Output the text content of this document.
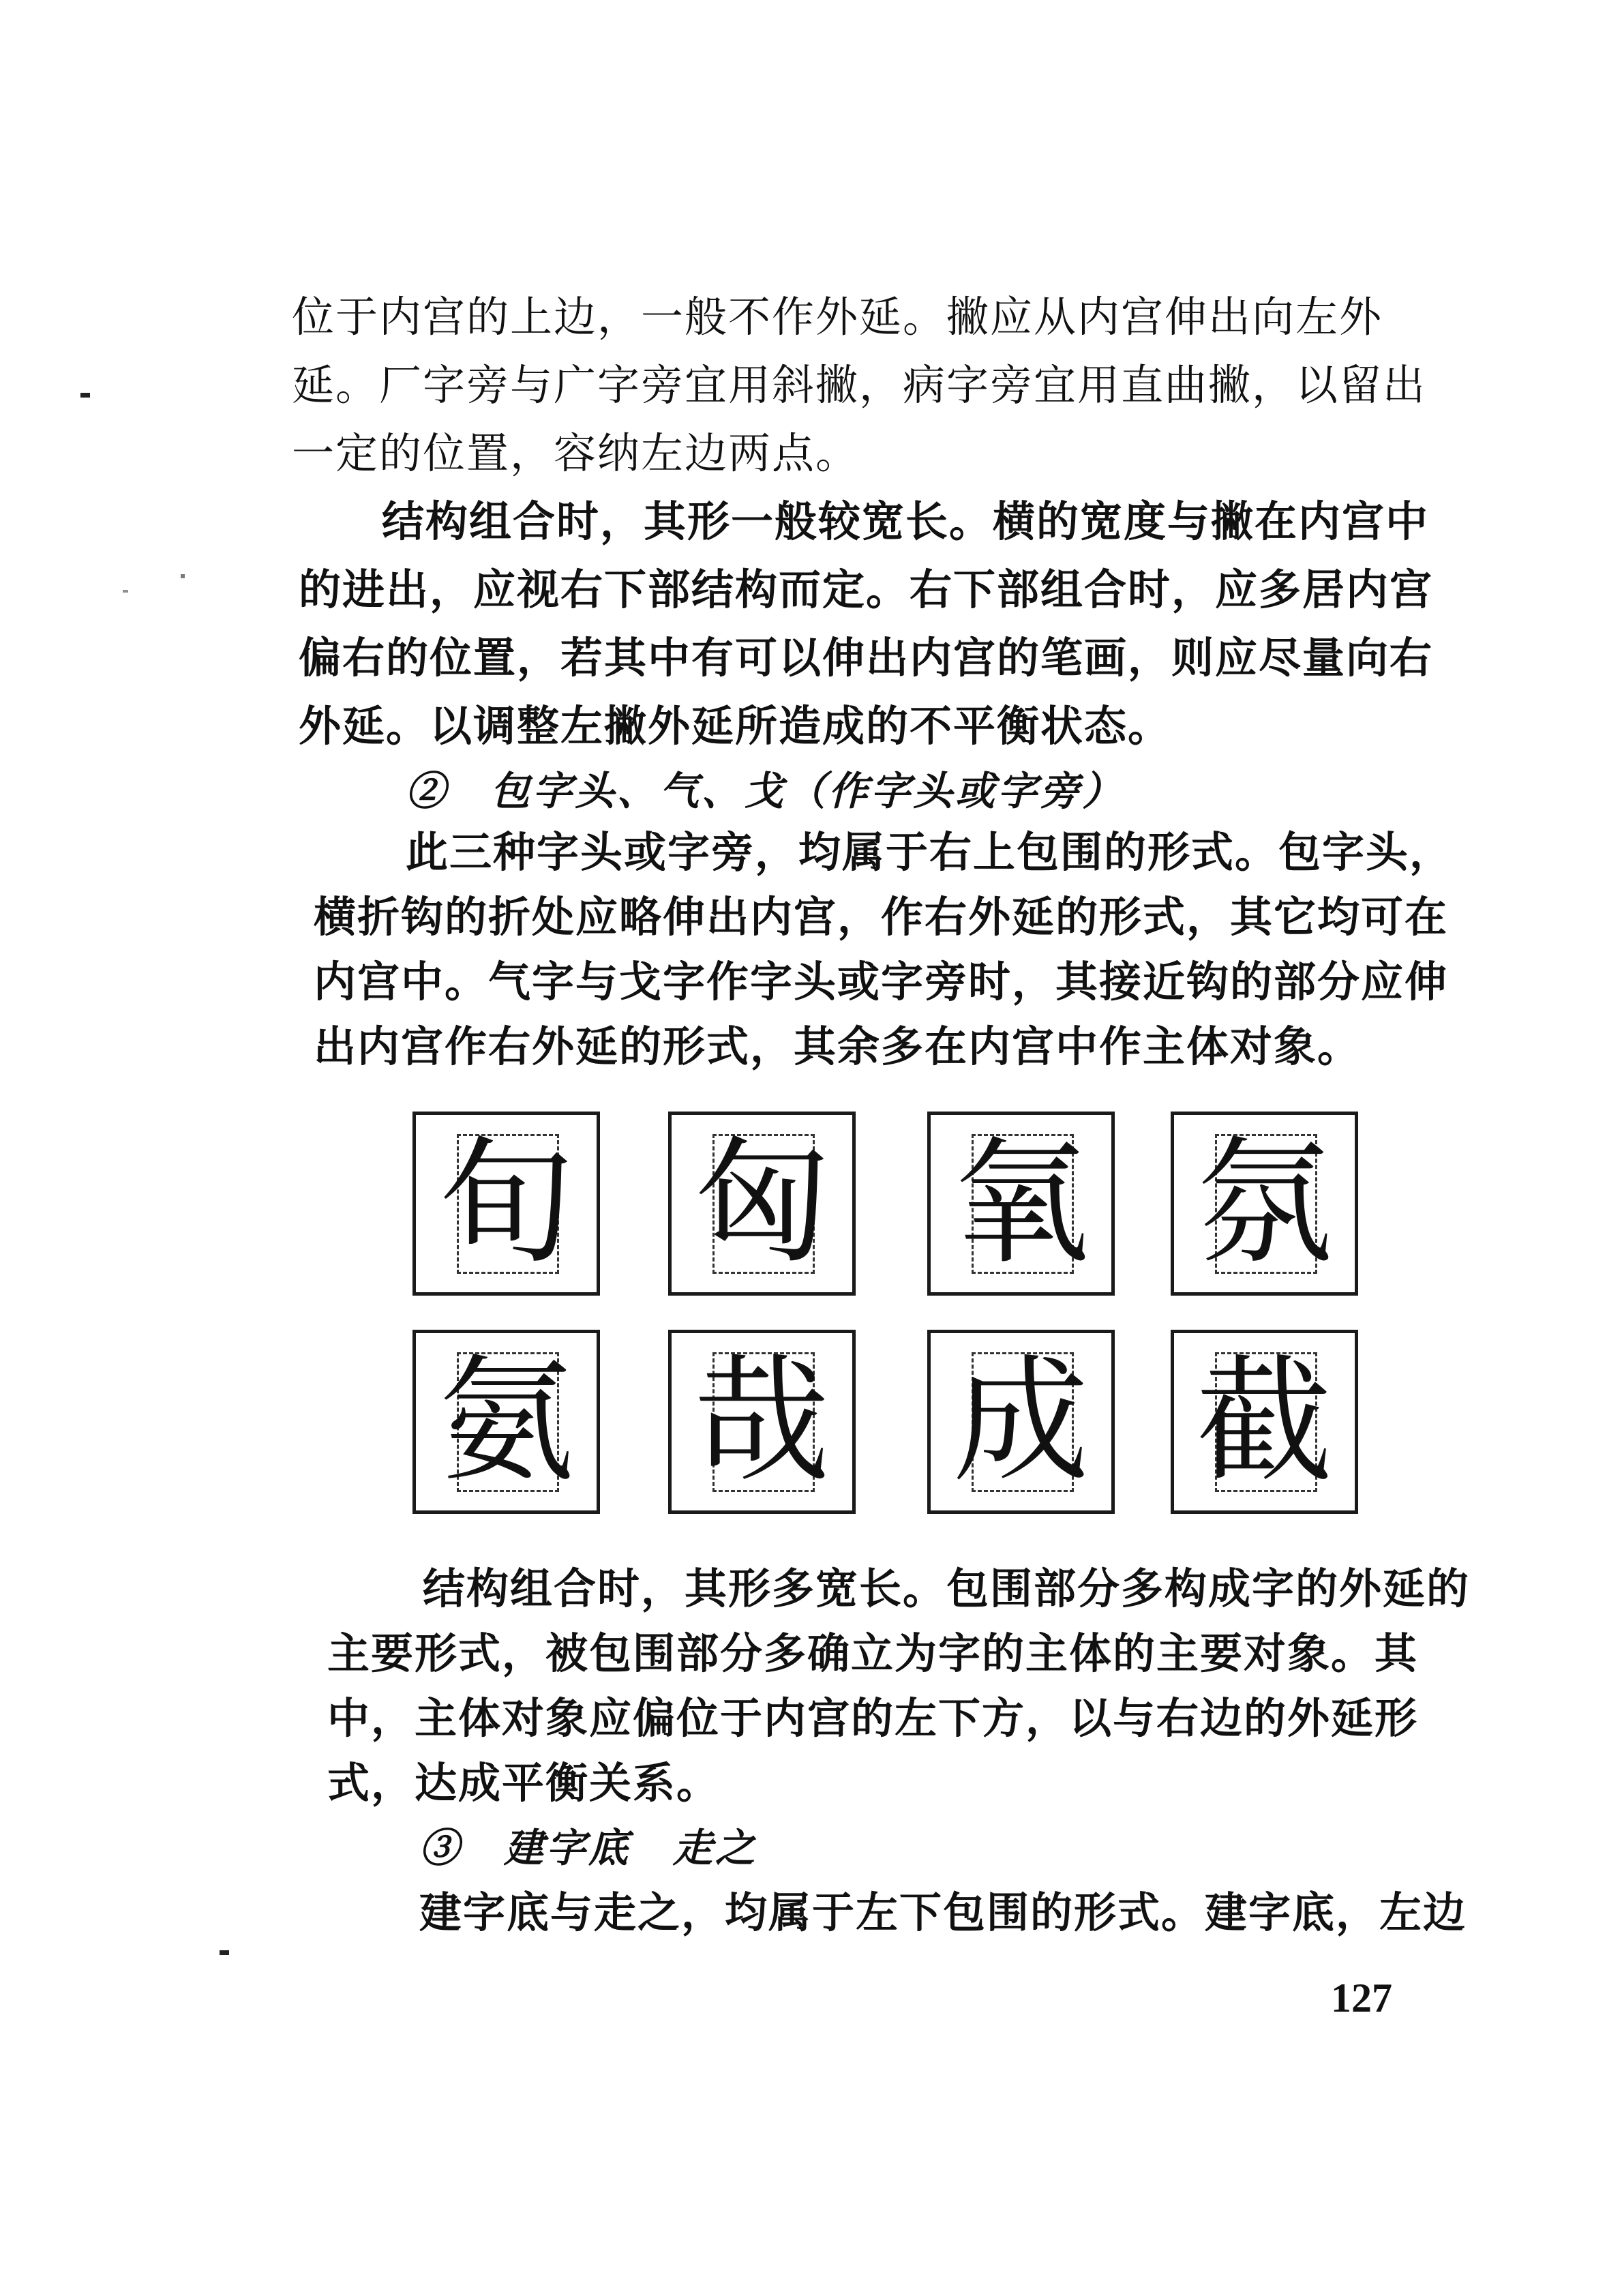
位于内宫的上边，一般不作外延。撇应从内宫伸出向左外
延。厂字旁与广字旁宜用斜撇，病字旁宜用直曲撇，以留出
一定的位置，容纳左边两点。
结构组合时，其形一般较宽长。横的宽度与撇在内宫中
的进出，应视右下部结构而定。右下部组合时，应多居内宫
偏右的位置，若其中有可以伸出内宫的笔画，则应尽量向右
外延。以调整左撇外延所造成的不平衡状态。
②　包字头、气、戈（作字头或字旁）
此三种字头或字旁，均属于右上包围的形式。包字头，
横折钩的折处应略伸出内宫，作右外延的形式，其它均可在
内宫中。气字与戈字作字头或字旁时，其接近钩的部分应伸
出内宫作右外延的形式，其余多在内宫中作主体对象。
旬 匈 氧 氛
氨 哉 成 截
结构组合时，其形多宽长。包围部分多构成字的外延的
主要形式，被包围部分多确立为字的主体的主要对象。其
中，主体对象应偏位于内宫的左下方，以与右边的外延形
式，达成平衡关系。
③　建字底　走之
建字底与走之，均属于左下包围的形式。建字底，左边
127
